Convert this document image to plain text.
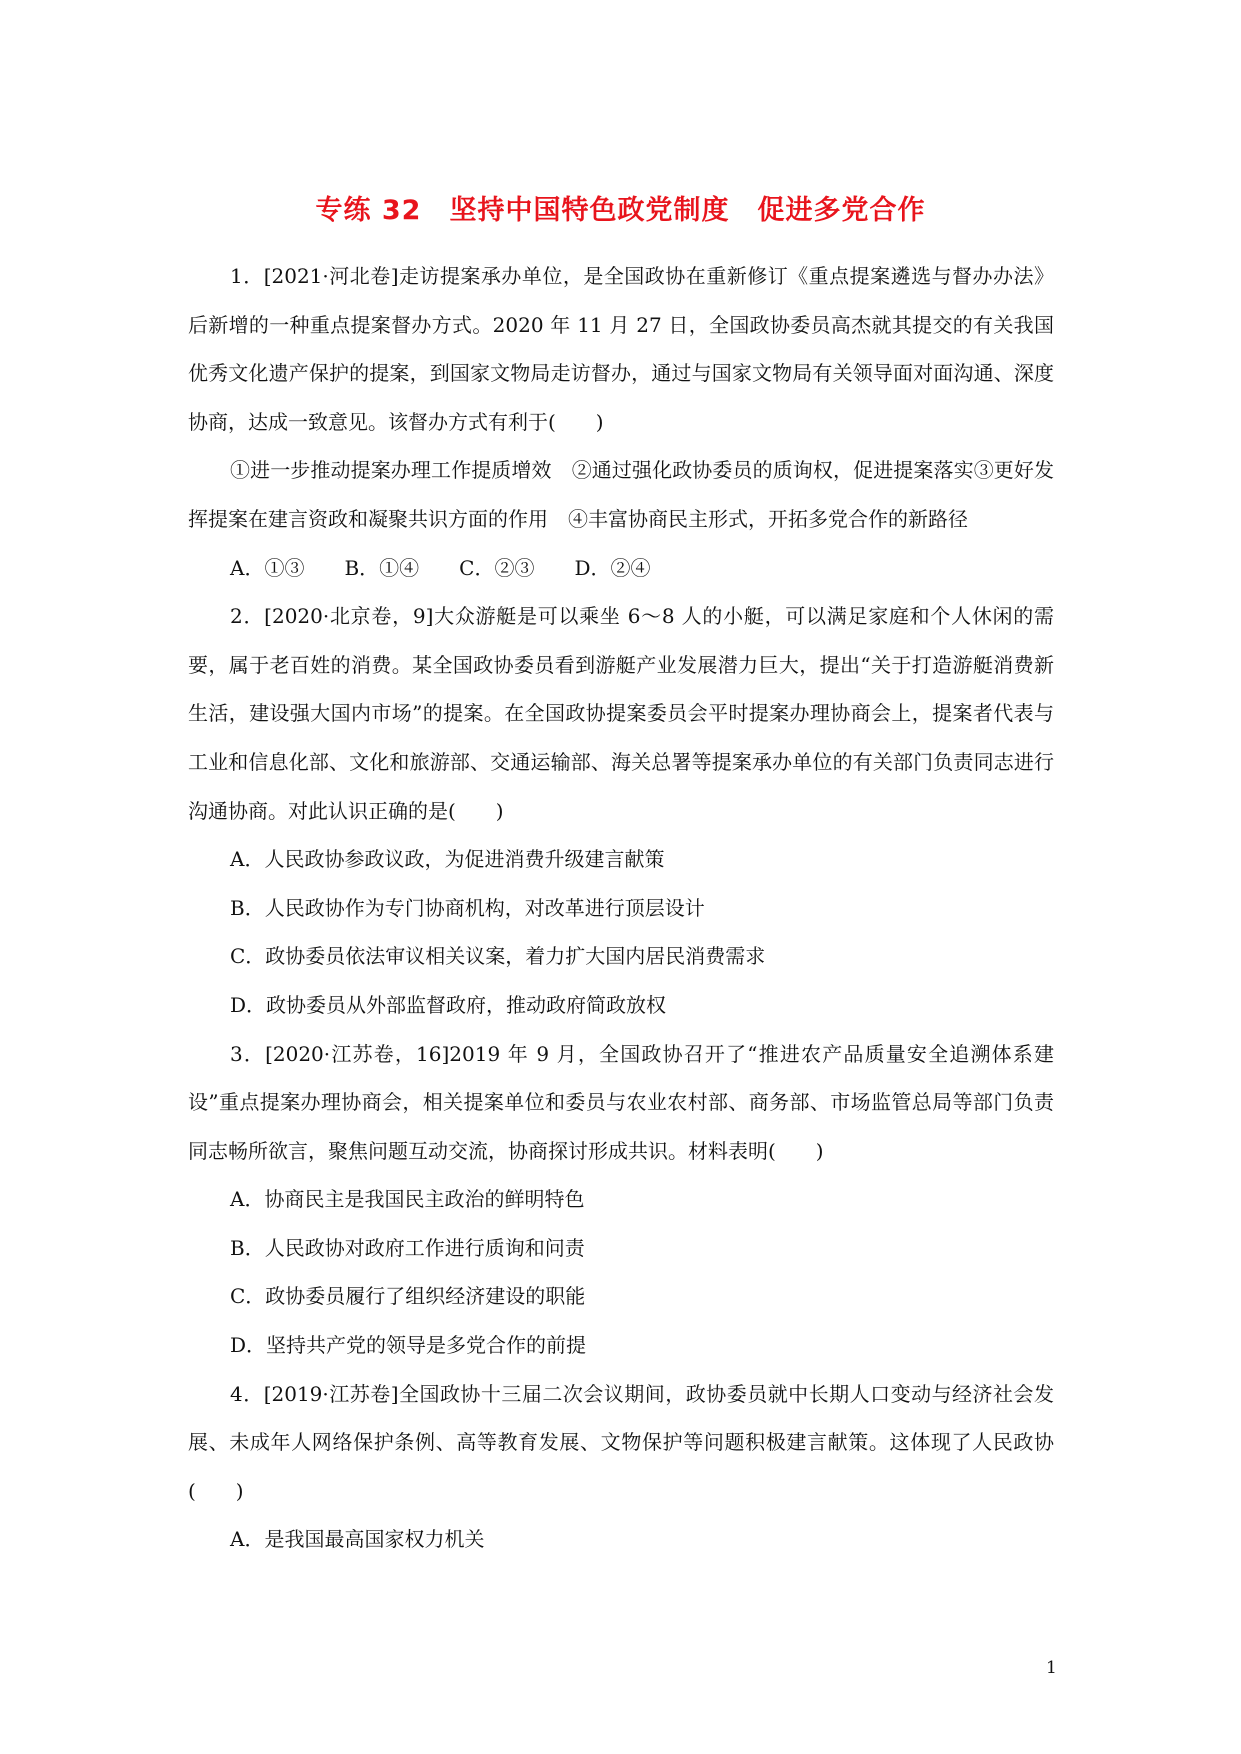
专练 32　坚持中国特色政党制度　促进多党合作

1．[2021·河北卷]走访提案承办单位，是全国政协在重新修订《重点提案遴选与督办办法》后新增的一种重点提案督办方式。2020 年 11 月 27 日，全国政协委员高杰就其提交的有关我国优秀文化遗产保护的提案，到国家文物局走访督办，通过与国家文物局有关领导面对面沟通、深度协商，达成一致意见。该督办方式有利于(　　)

①进一步推动提案办理工作提质增效　②通过强化政协委员的质询权，促进提案落实③更好发挥提案在建言资政和凝聚共识方面的作用　④丰富协商民主形式，开拓多党合作的新路径

A．①③　　B．①④　　C．②③　　D．②④

2．[2020·北京卷，9]大众游艇是可以乘坐 6～8 人的小艇，可以满足家庭和个人休闲的需要，属于老百姓的消费。某全国政协委员看到游艇产业发展潜力巨大，提出“关于打造游艇消费新生活，建设强大国内市场”的提案。在全国政协提案委员会平时提案办理协商会上，提案者代表与工业和信息化部、文化和旅游部、交通运输部、海关总署等提案承办单位的有关部门负责同志进行沟通协商。对此认识正确的是(　　)

A．人民政协参政议政，为促进消费升级建言献策

B．人民政协作为专门协商机构，对改革进行顶层设计

C．政协委员依法审议相关议案，着力扩大国内居民消费需求

D．政协委员从外部监督政府，推动政府简政放权

3．[2020·江苏卷，16]2019 年 9 月，全国政协召开了“推进农产品质量安全追溯体系建设”重点提案办理协商会，相关提案单位和委员与农业农村部、商务部、市场监管总局等部门负责同志畅所欲言，聚焦问题互动交流，协商探讨形成共识。材料表明(　　)

A．协商民主是我国民主政治的鲜明特色

B．人民政协对政府工作进行质询和问责

C．政协委员履行了组织经济建设的职能

D．坚持共产党的领导是多党合作的前提

4．[2019·江苏卷]全国政协十三届二次会议期间，政协委员就中长期人口变动与经济社会发展、未成年人网络保护条例、高等教育发展、文物保护等问题积极建言献策。这体现了人民政协(　　)

A．是我国最高国家权力机关

1
